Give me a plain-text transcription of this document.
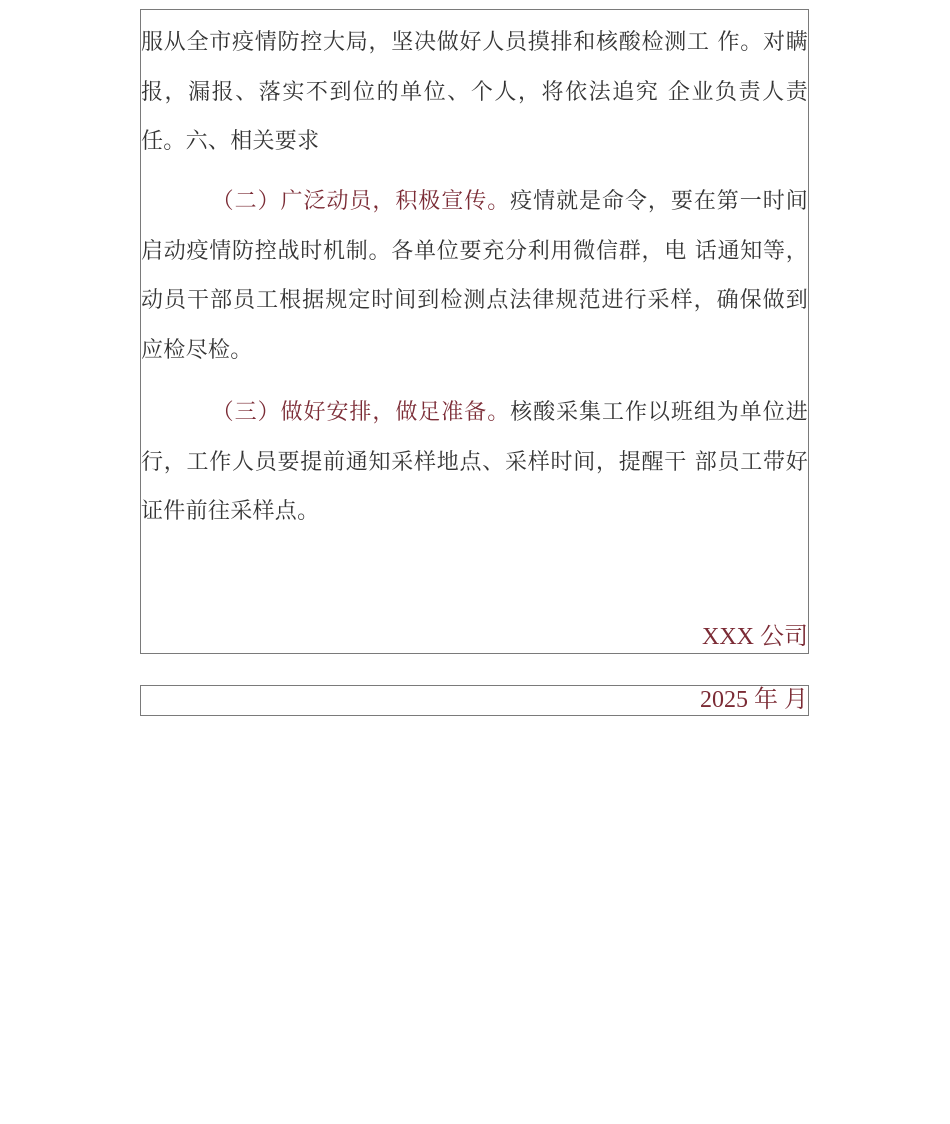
服从全市疫情防控大局，坚决做好人员摸排和核酸检测工 作。对瞒报，漏报、落实不到位的单位、个人，将依法追究 企业负责人责任。六、相关要求

（二）广泛动员，积极宣传。疫情就是命令，要在第一时间启动疫情防控战时机制。各单位要充分利用微信群，电 话通知等，动员干部员工根据规定时间到检测点法律规范进行采样，确保做到应检尽检。

（三）做好安排，做足准备。核酸采集工作以班组为单位进行，工作人员要提前通知采样地点、采样时间，提醒干 部员工带好证件前往采样点。

XXX 公司
2025 年 月
